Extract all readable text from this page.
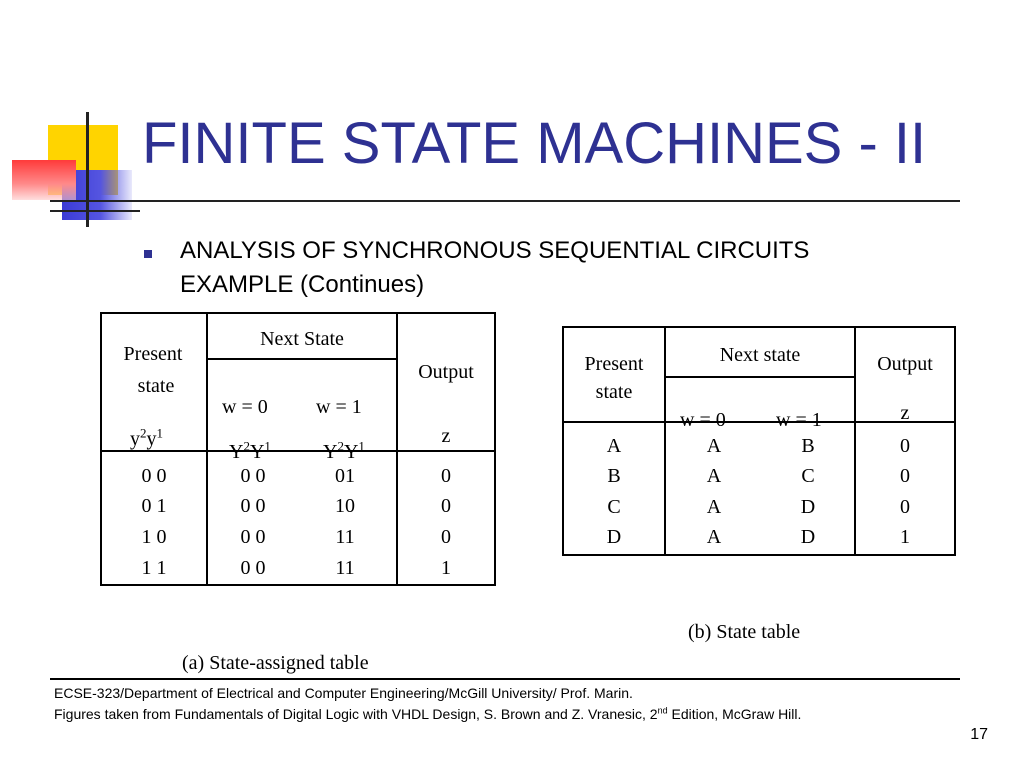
FINITE STATE MACHINES - II
ANALYSIS OF SYNCHRONOUS SEQUENTIAL CIRCUITS EXAMPLE (Continues)
Present
state
$y^2y^1$
Next State
w = 0 w = 1
$Y^2Y^1$	$Y^2Y^1$
Output
z
0 0	0 0	01	0
0 1	0 0	10	0
1 0	0 0	11	0
1 1	0 0	11	1
Present
state
Next state
w = 0	w = 1
Output
z
A	A	B	0
B	A	C	0
C	A	D	0
D	A	D	1
(b) State table
(a) State-assigned table
ECSE-323/Department of Electrical and Computer Engineering/McGill University/ Prof. Marin.
Figures taken from Fundamentals of Digital Logic with VHDL Design, S. Brown and Z. Vranesic, 2nd Edition, McGraw Hill.
17
